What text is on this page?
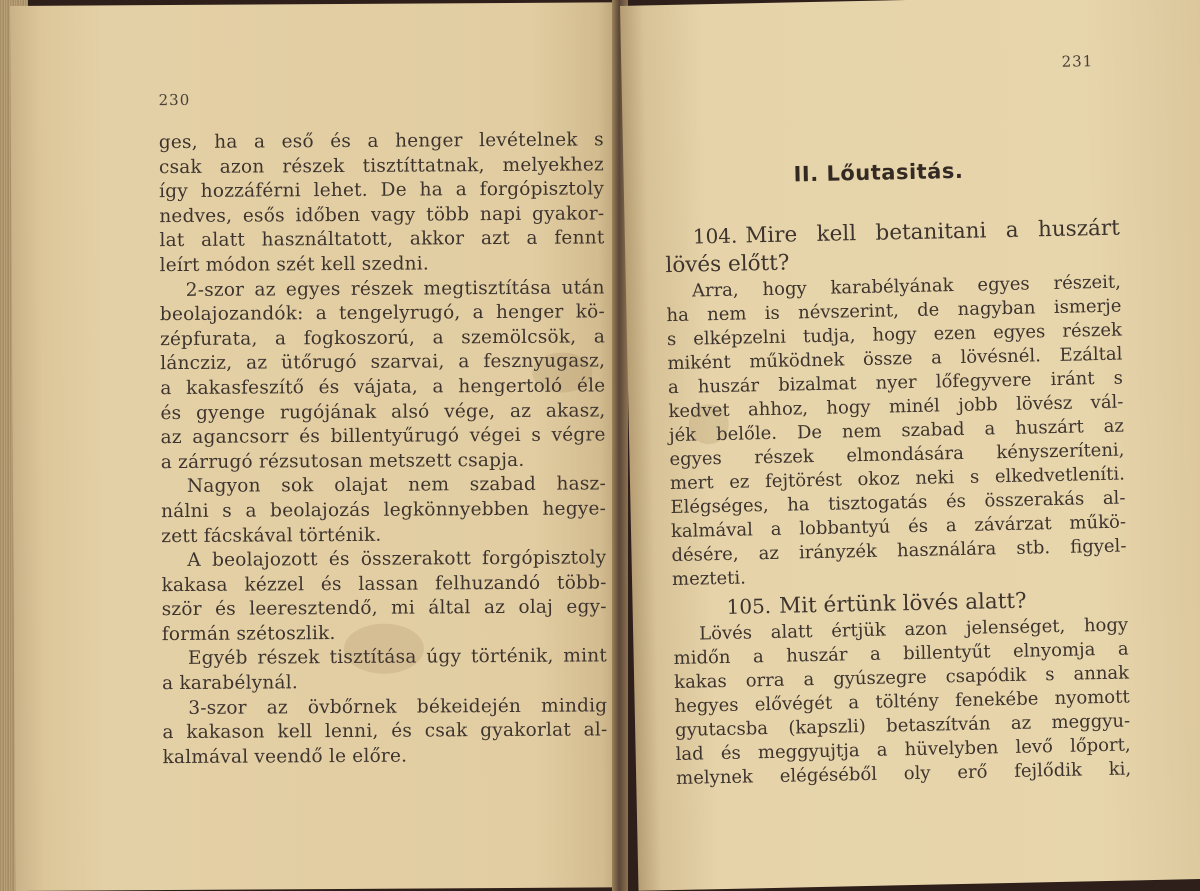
230
ges, ha a eső és a henger levételnek s
csak azon részek tisztíttatnak, melyekhez
így hozzáférni lehet. De ha a forgópisztoly
nedves, esős időben vagy több napi gyakor-
lat alatt használtatott, akkor azt a fennt
leírt módon szét kell szedni.
2-szor az egyes részek megtisztítása után
beolajozandók: a tengelyrugó, a henger kö-
zépfurata, a fogkoszorú, a szemölcsök, a
láncziz, az ütőrugó szarvai, a fesznyugasz,
a kakasfeszítő és vájata, a hengertoló éle
és gyenge rugójának alsó vége, az akasz,
az agancsorr és billentyűrugó végei s végre
a zárrugó rézsutosan metszett csapja.
Nagyon sok olajat nem szabad hasz-
nálni s a beolajozás legkönnyebben hegye-
zett fácskával történik.
A beolajozott és összerakott forgópisztoly
kakasa kézzel és lassan felhuzandó több-
ször és leeresztendő, mi által az olaj egy-
formán szétoszlik.
Egyéb részek tisztítása úgy történik, mint
a karabélynál.
3-szor az övbőrnek békeidején mindig
a kakason kell lenni, és csak gyakorlat al-
kalmával veendő le előre.
231
II. Lőutasitás.
104. Mire kell betanitani a huszárt
lövés előtt?
Arra, hogy karabélyának egyes részeit,
ha nem is névszerint, de nagyban ismerje
s elképzelni tudja, hogy ezen egyes részek
miként működnek össze a lövésnél. Ezáltal
a huszár bizalmat nyer lőfegyvere iránt s
kedvet ahhoz, hogy minél jobb lövész vál-
jék belőle. De nem szabad a huszárt az
egyes részek elmondására kényszeríteni,
mert ez fejtörést okoz neki s elkedvetleníti.
Elégséges, ha tisztogatás és összerakás al-
kalmával a lobbantyú és a závárzat műkö-
désére, az irányzék használára stb. figyel-
mezteti.
105. Mit értünk lövés alatt?
Lövés alatt értjük azon jelenséget, hogy
midőn a huszár a billentyűt elnyomja a
kakas orra a gyúszegre csapódik s annak
hegyes elővégét a töltény fenekébe nyomott
gyutacsba (kapszli) betaszítván az meggyu-
lad és meggyujtja a hüvelyben levő lőport,
melynek elégéséből oly erő fejlődik ki,
